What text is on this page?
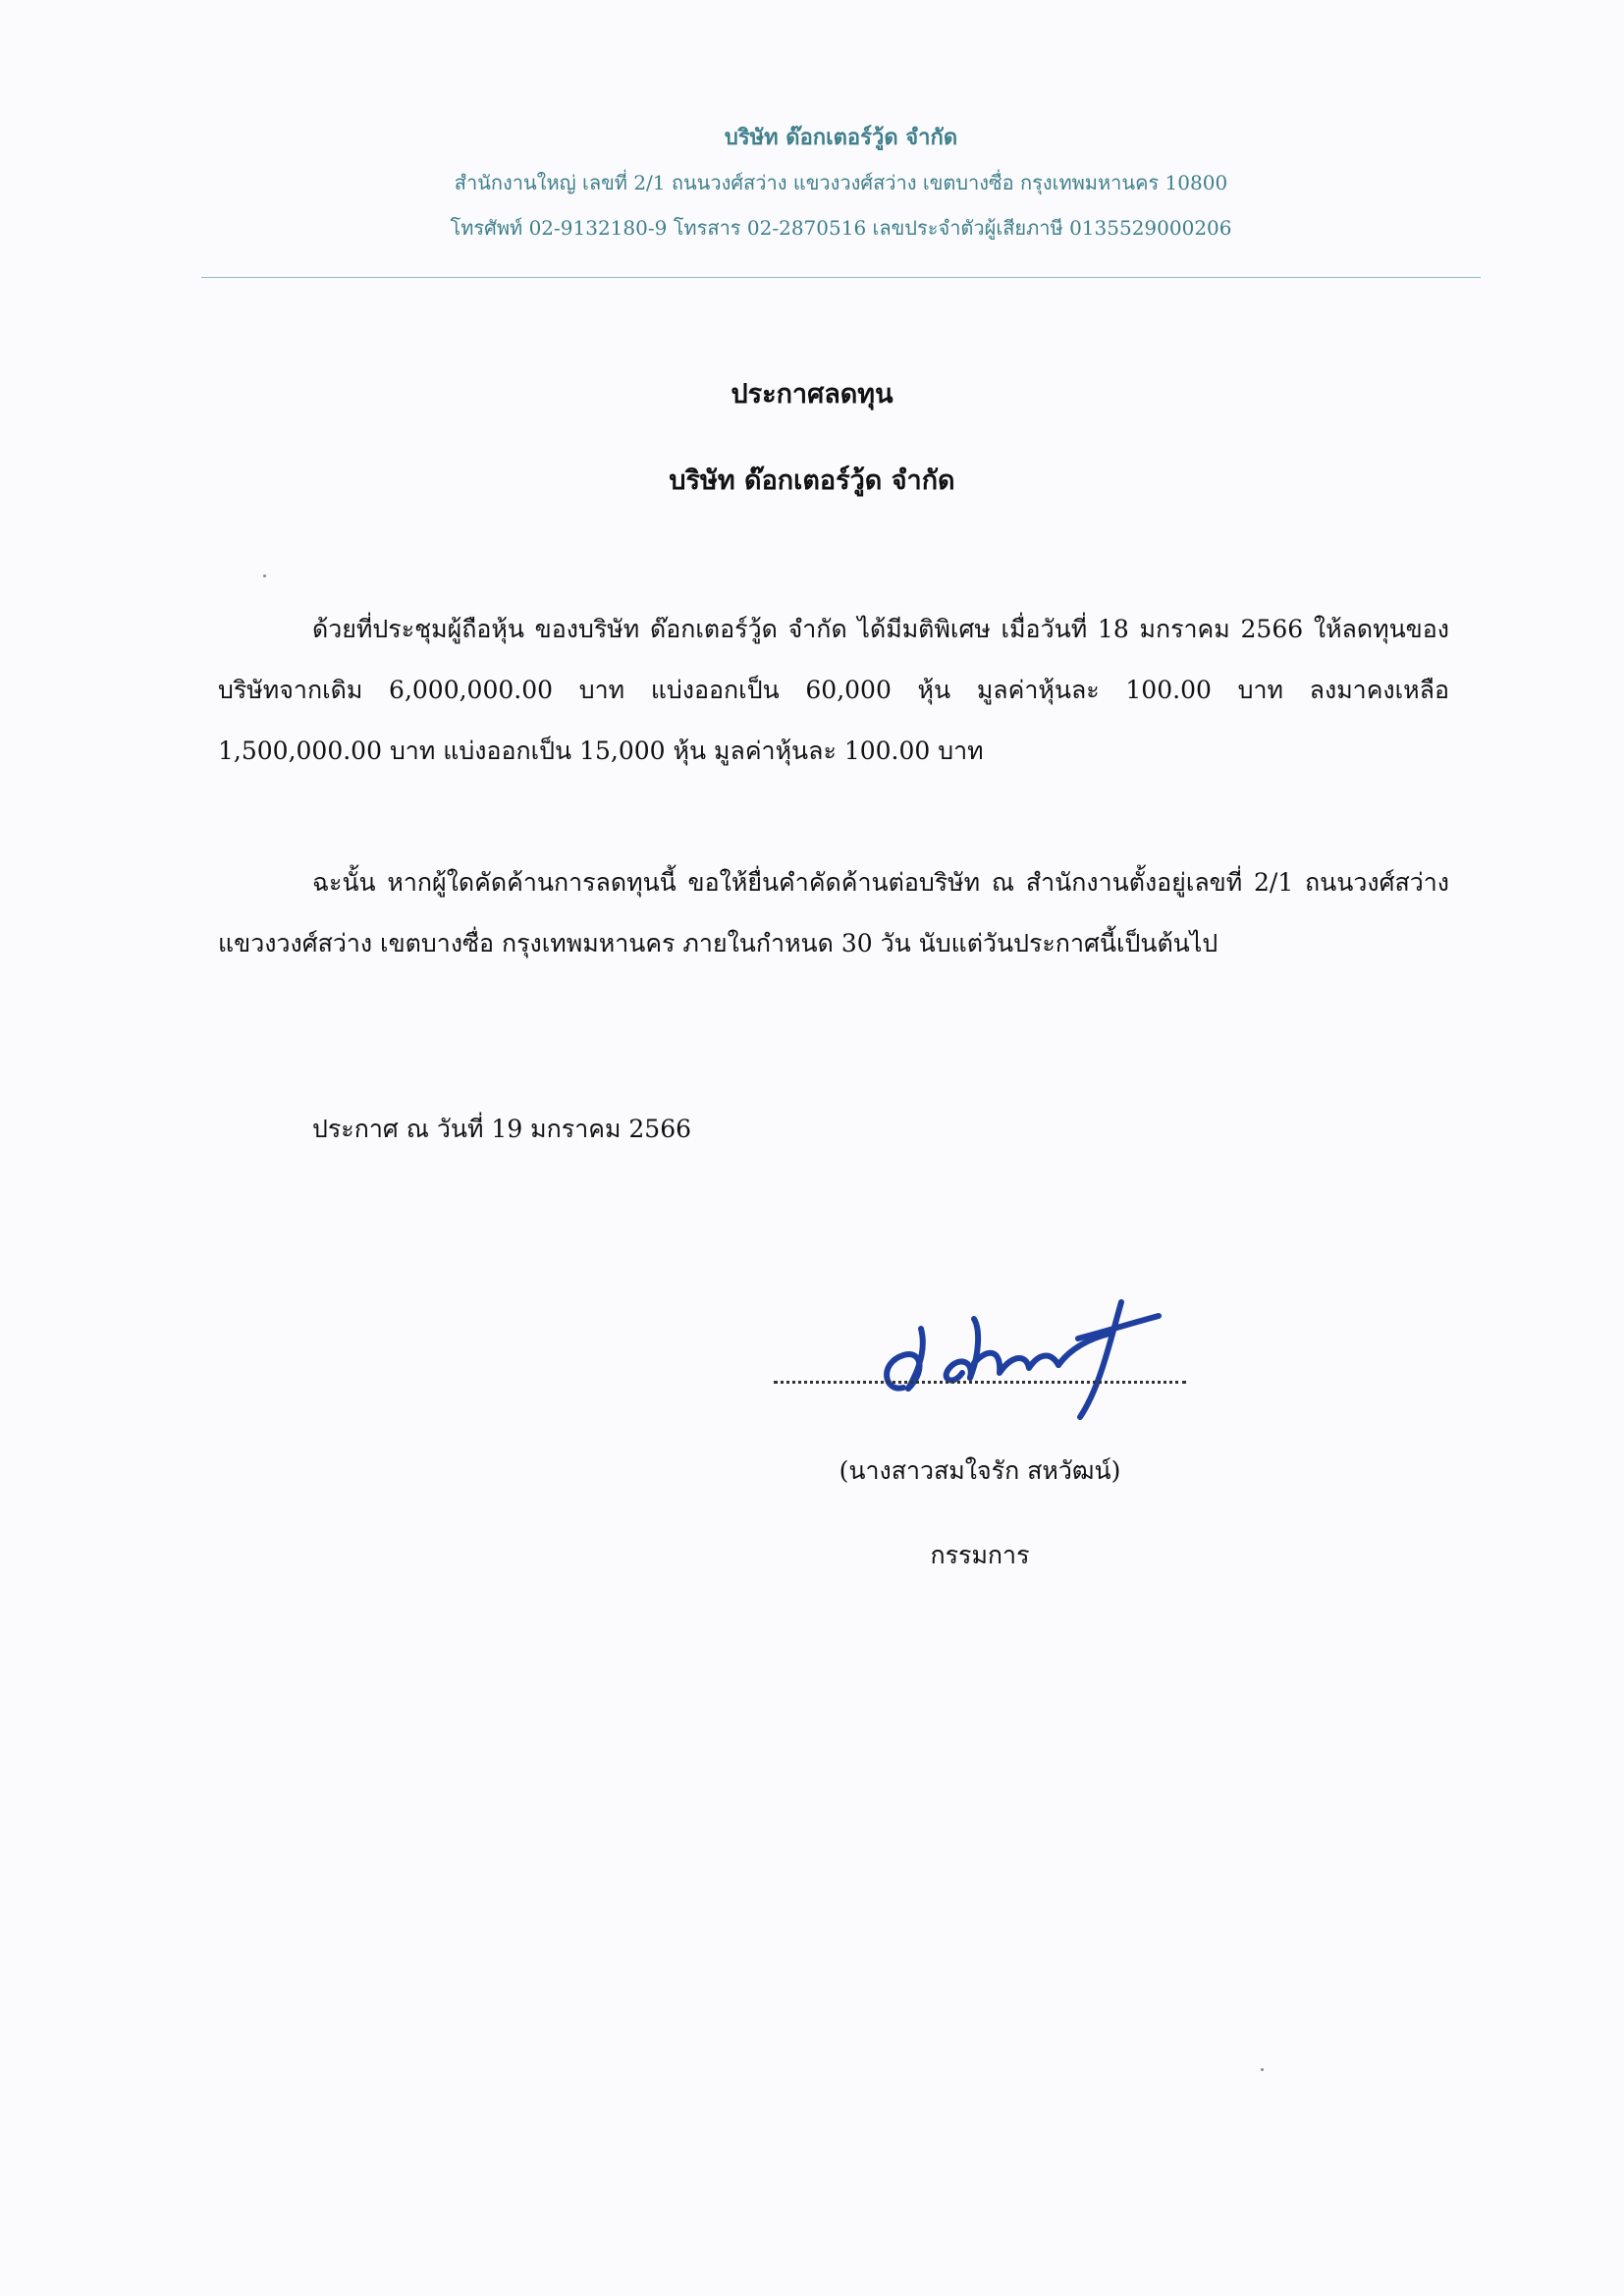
บริษัท ด๊อกเตอร์วู้ด จำกัด
สำนักงานใหญ่ เลขที่ 2/1 ถนนวงศ์สว่าง แขวงวงศ์สว่าง เขตบางซื่อ กรุงเทพมหานคร 10800
โทรศัพท์ 02-9132180-9 โทรสาร 02-2870516 เลขประจำตัวผู้เสียภาษี 0135529000206
ประกาศลดทุน
บริษัท ด๊อกเตอร์วู้ด จำกัด
ด้วยที่ประชุมผู้ถือหุ้น ของบริษัท ด๊อกเตอร์วู้ด จำกัด ได้มีมติพิเศษ เมื่อวันที่ 18 มกราคม 2566 ให้ลดทุนของบริษัทจากเดิม 6,000,000.00 บาท แบ่งออกเป็น 60,000 หุ้น มูลค่าหุ้นละ 100.00 บาท ลงมาคงเหลือ 1,500,000.00 บาท แบ่งออกเป็น 15,000 หุ้น มูลค่าหุ้นละ 100.00 บาท
ฉะนั้น หากผู้ใดคัดค้านการลดทุนนี้ ขอให้ยื่นคำคัดค้านต่อบริษัท ณ สำนักงานตั้งอยู่เลขที่ 2/1 ถนนวงศ์สว่าง แขวงวงศ์สว่าง เขตบางซื่อ กรุงเทพมหานคร ภายในกำหนด 30 วัน นับแต่วันประกาศนี้เป็นต้นไป
ประกาศ ณ วันที่ 19 มกราคม 2566
(นางสาวสมใจรัก สหวัฒน์)
กรรมการ
